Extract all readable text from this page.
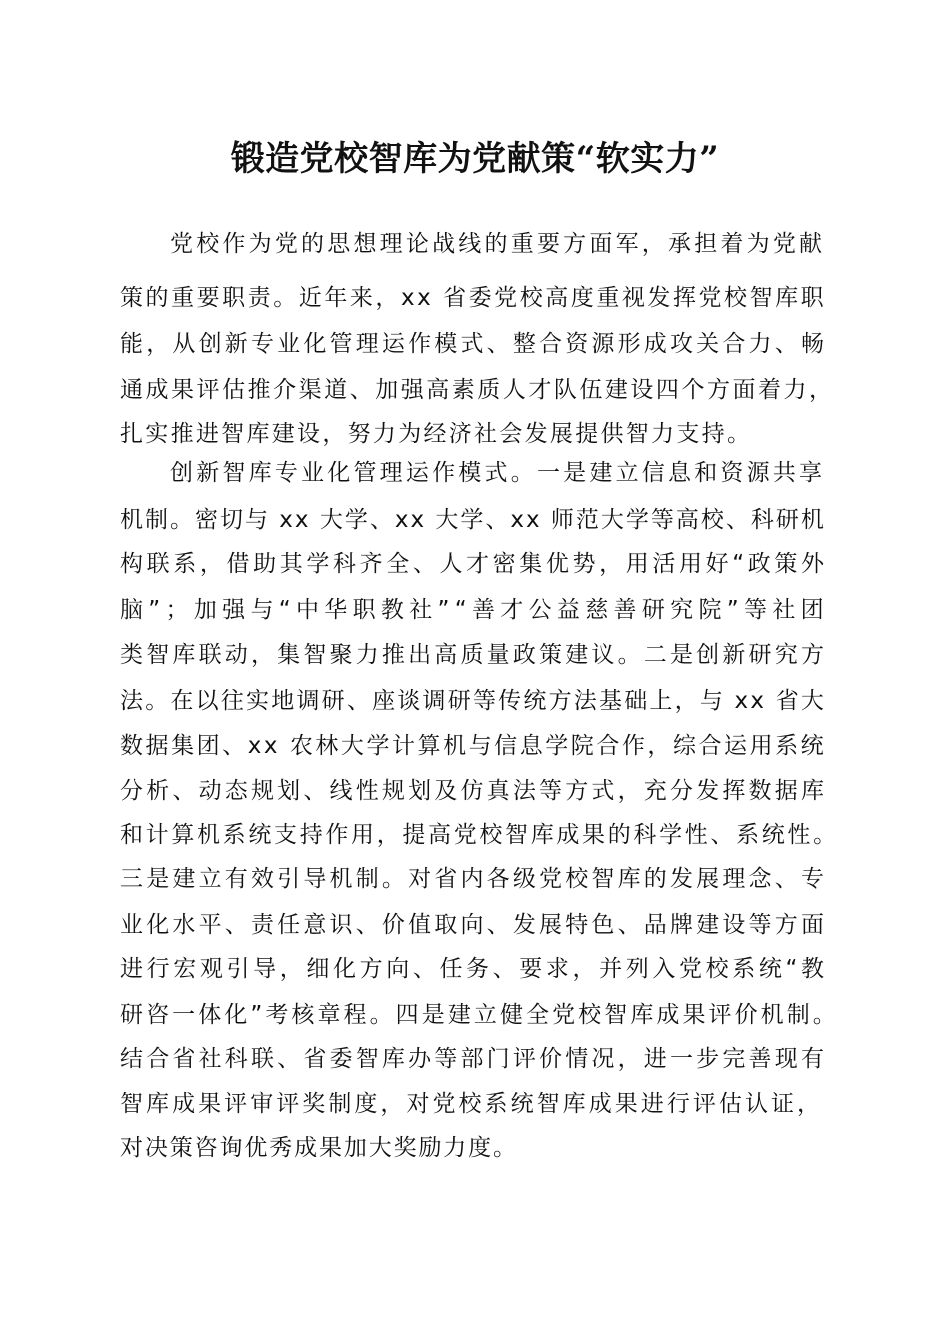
锻造党校智库为党献策“软实力”
党校作为党的思想理论战线的重要方面军，承担着为党献
策的重要职责。近年来，xx 省委党校高度重视发挥党校智库职
能，从创新专业化管理运作模式、整合资源形成攻关合力、畅
通成果评估推介渠道、加强高素质人才队伍建设四个方面着力，
扎实推进智库建设，努力为经济社会发展提供智力支持。
创新智库专业化管理运作模式。一是建立信息和资源共享
机制。密切与 xx 大学、xx 大学、xx 师范大学等高校、科研机
构联系，借助其学科齐全、人才密集优势，用活用好“政策外
脑”；加强与“中华职教社”“善才公益慈善研究院”等社团
类智库联动，集智聚力推出高质量政策建议。二是创新研究方
法。在以往实地调研、座谈调研等传统方法基础上，与 xx 省大
数据集团、xx 农林大学计算机与信息学院合作，综合运用系统
分析、动态规划、线性规划及仿真法等方式，充分发挥数据库
和计算机系统支持作用，提高党校智库成果的科学性、系统性。
三是建立有效引导机制。对省内各级党校智库的发展理念、专
业化水平、责任意识、价值取向、发展特色、品牌建设等方面
进行宏观引导，细化方向、任务、要求，并列入党校系统“教
研咨一体化”考核章程。四是建立健全党校智库成果评价机制。
结合省社科联、省委智库办等部门评价情况，进一步完善现有
智库成果评审评奖制度，对党校系统智库成果进行评估认证，
对决策咨询优秀成果加大奖励力度。
